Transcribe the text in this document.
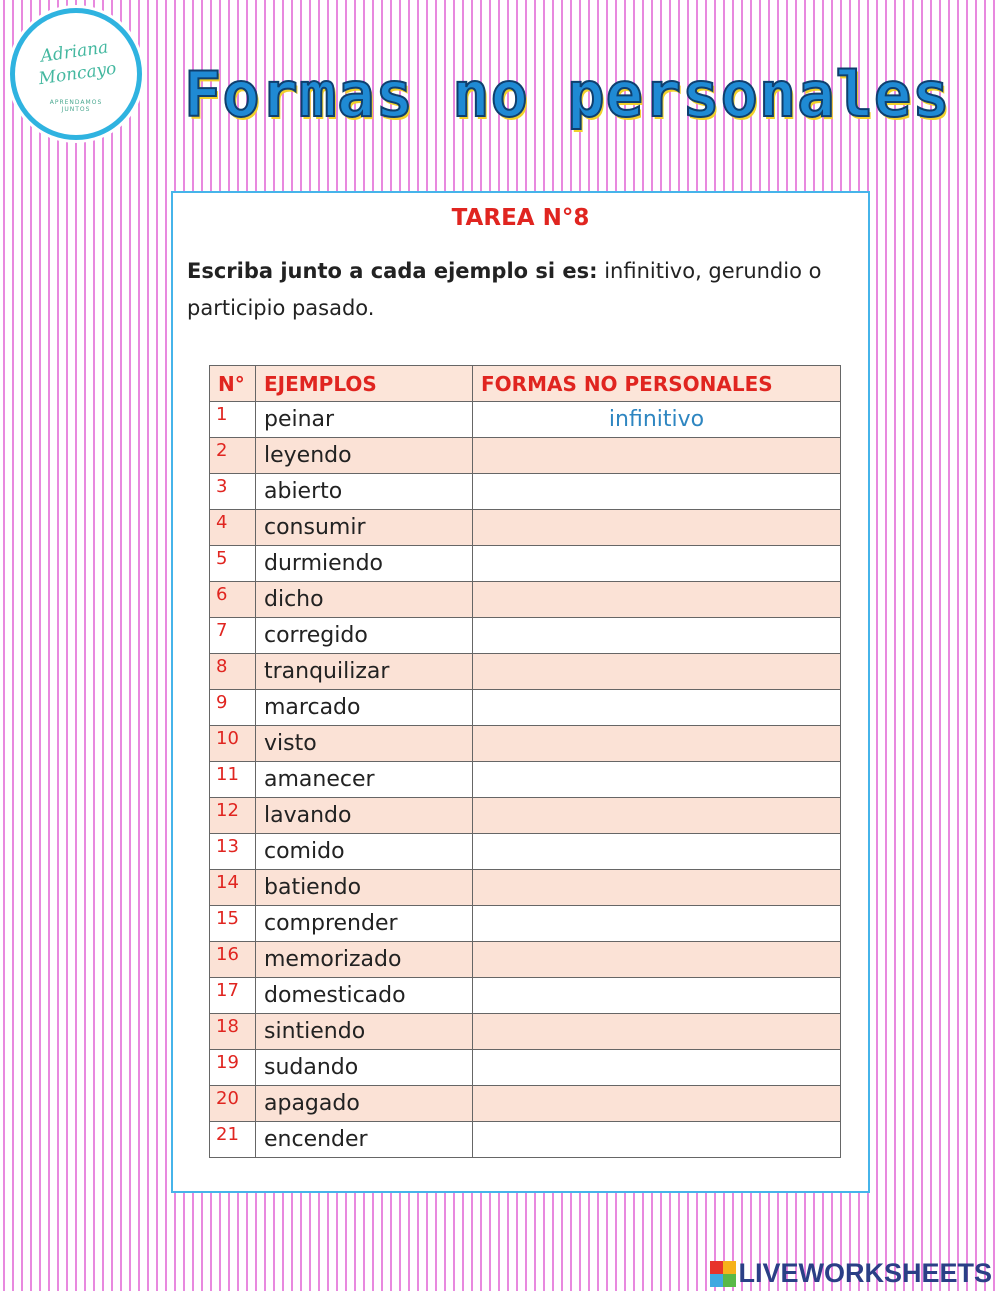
Adriana
Moncayo
APRENDAMOS
JUNTOS	Formas no personales
TAREA N°8

Escriba junto a cada ejemplo si es: infinitivo, gerundio o participio pasado.

N°	EJEMPLOS	FORMAS NO PERSONALES
1	peinar	infinitivo
2	leyendo	
3	abierto	
4	consumir	
5	durmiendo	
6	dicho	
7	corregido	
8	tranquilizar	
9	marcado	
10	visto	
11	amanecer	
12	lavando	
13	comido	
14	batiendo	
15	comprender	
16	memorizado	
17	domesticado	
18	sintiendo	
19	sudando	
20	apagado	
21	encender	
LIVEWORKSHEETS
